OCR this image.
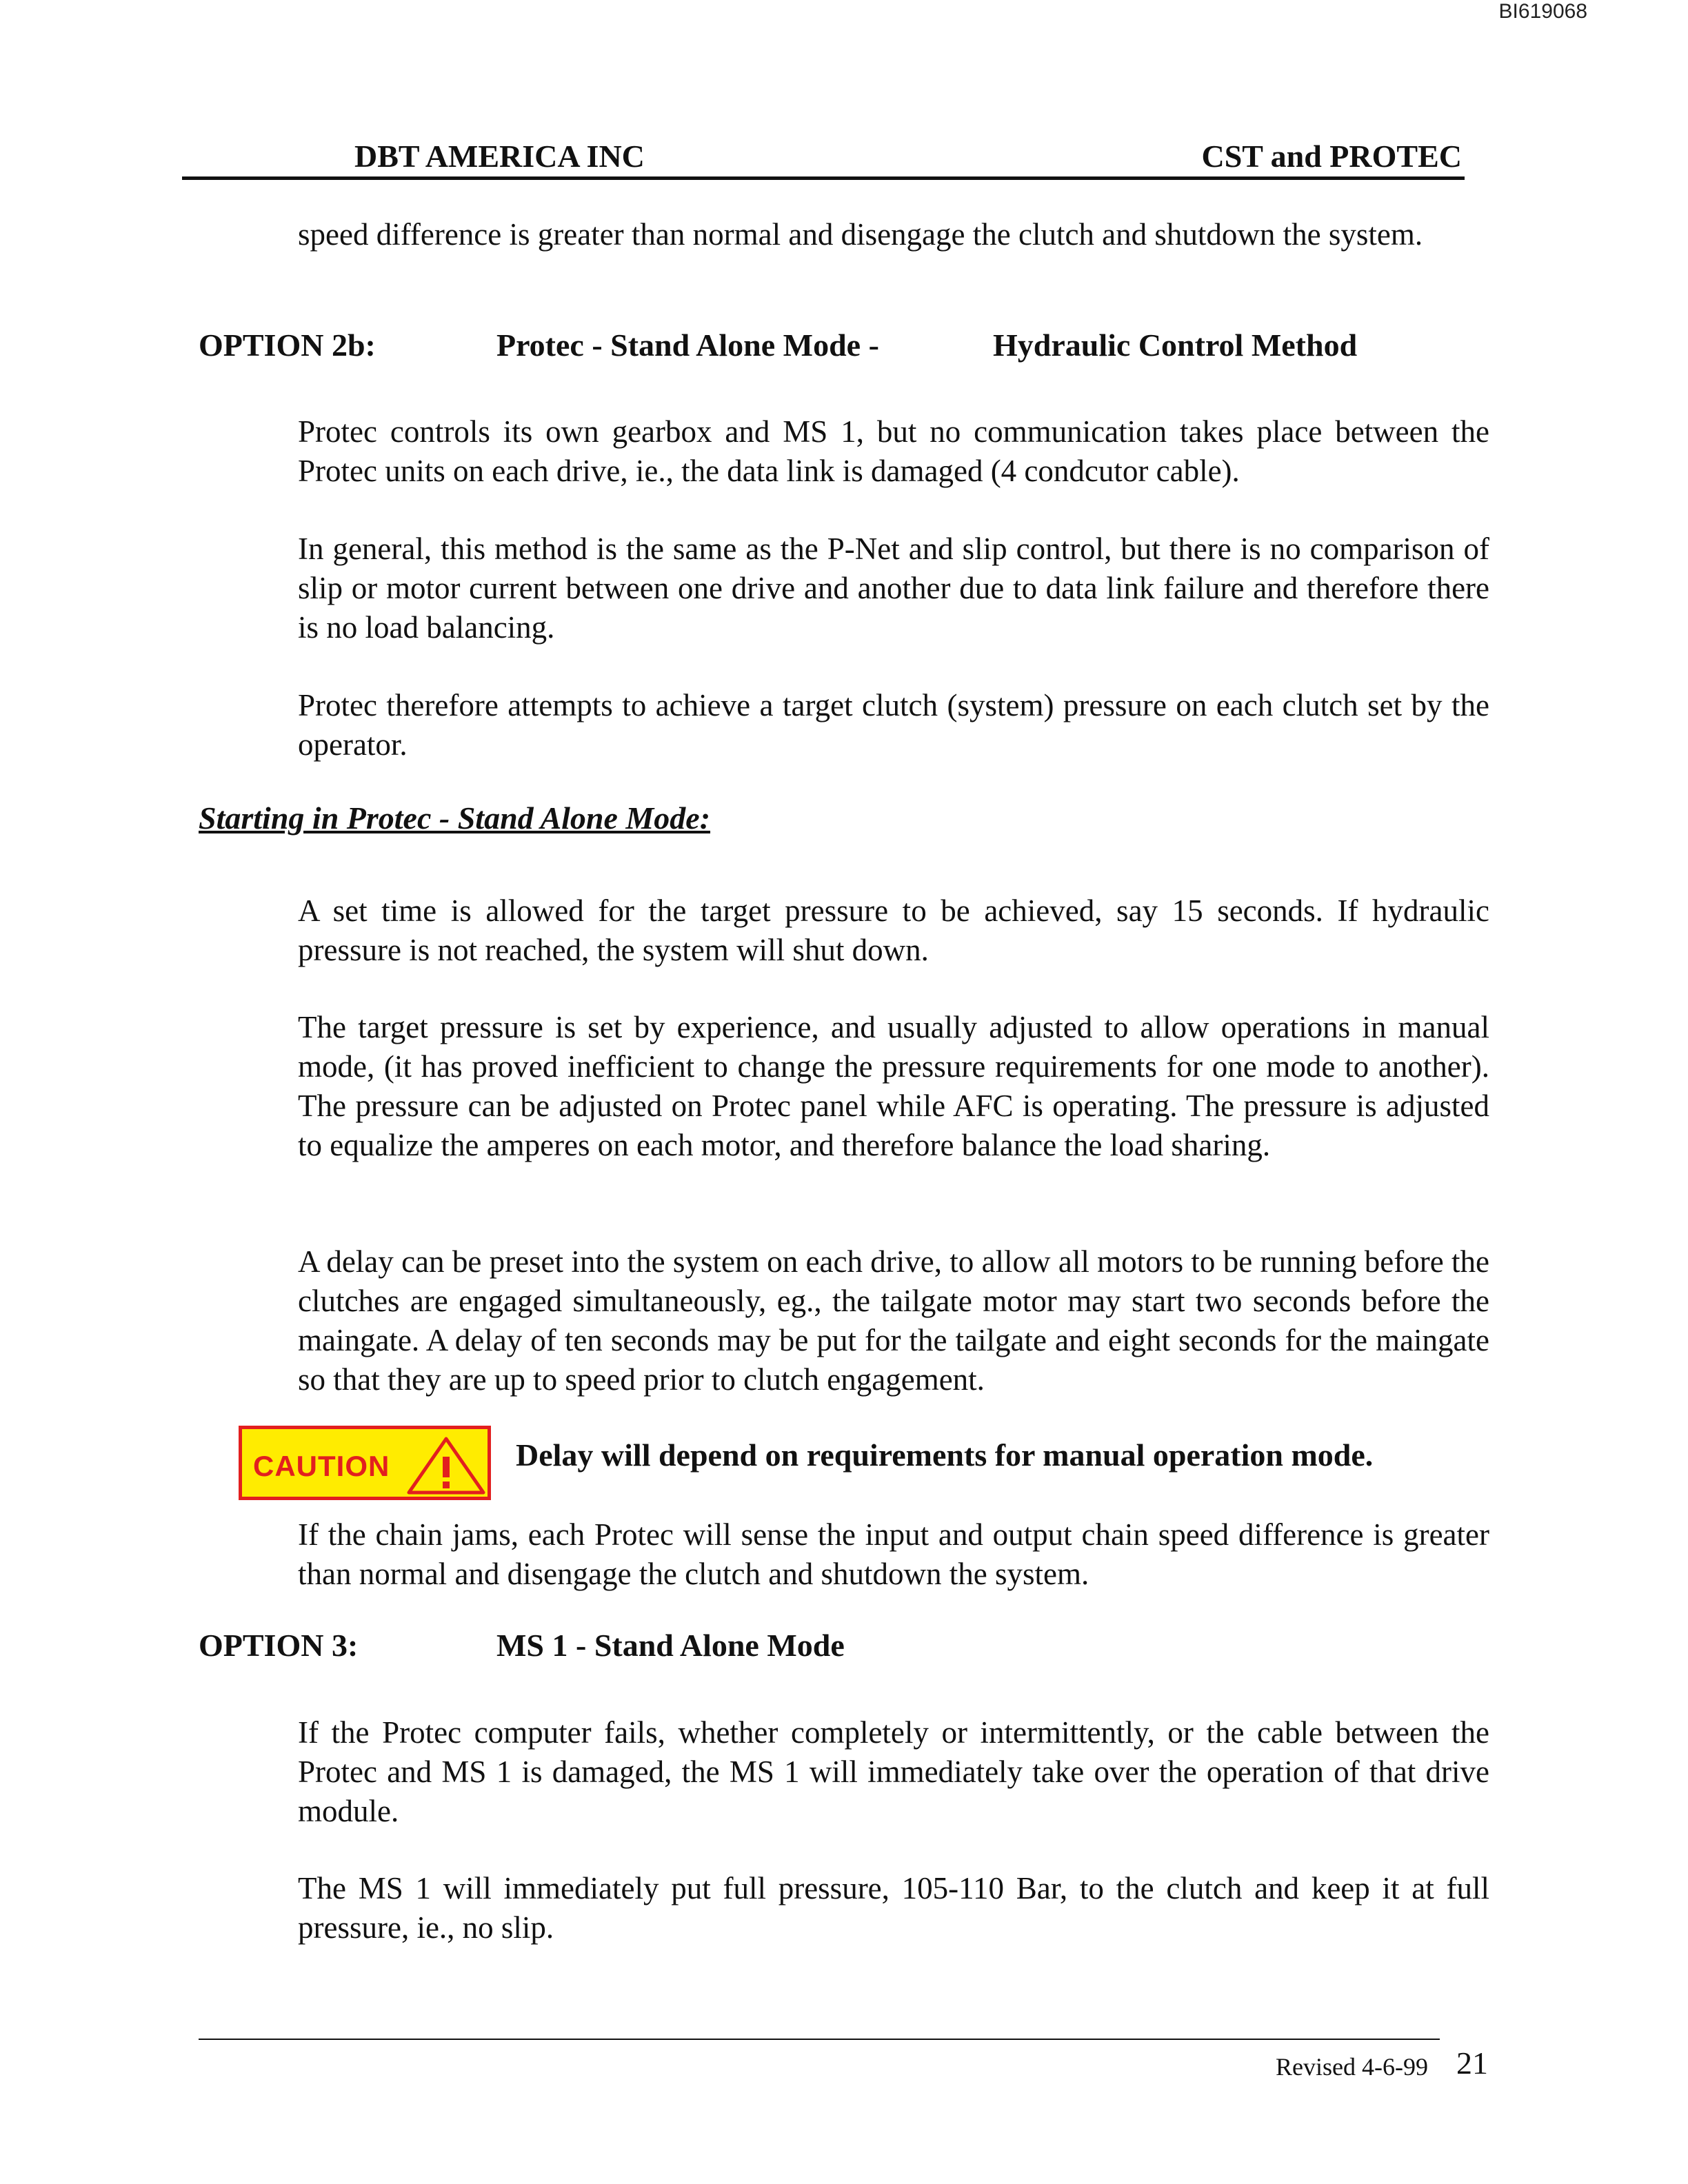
BI619068
DBT AMERICA INC	CST and PROTEC

speed difference is greater than normal and disengage the clutch and shutdown the system.

OPTION 2b:	Protec - Stand Alone Mode -	Hydraulic Control Method

Protec controls its own gearbox and MS 1, but no communication takes place between the Protec units on each drive, ie., the data link is damaged (4 condcutor cable).

In general, this method is the same as the P-Net and slip control, but there is no comparison of slip or motor current between one drive and another due to data link failure and therefore there is no load balancing.

Protec therefore attempts to achieve a target clutch (system) pressure on each clutch set by the operator.

Starting in Protec - Stand Alone Mode:

A set time is allowed for the target pressure to be achieved, say 15 seconds. If hydraulic pressure is not reached, the system will shut down.

The target pressure is set by experience, and usually adjusted to allow operations in manual mode, (it has proved inefficient to change the pressure requirements for one mode to another). The pressure can be adjusted on Protec panel while AFC is operating. The pressure is adjusted to equalize the amperes on each motor, and therefore balance the load sharing.

A delay can be preset into the system on each drive, to allow all motors to be running before the clutches are engaged simultaneously, eg., the tailgate motor may start two seconds before the maingate. A delay of ten seconds may be put for the tailgate and eight seconds for the maingate so that they are up to speed prior to clutch engagement.

CAUTION	Delay will depend on requirements for manual operation mode.

If the chain jams, each Protec will sense the input and output chain speed difference is greater than normal and disengage the clutch and shutdown the system.

OPTION 3:	MS 1 - Stand Alone Mode

If the Protec computer fails, whether completely or intermittently, or the cable between the Protec and MS 1 is damaged, the MS 1 will immediately take over the operation of that drive module.

The MS 1 will immediately put full pressure, 105-110 Bar, to the clutch and keep it at full pressure, ie., no slip.

Revised 4-6-99 21
